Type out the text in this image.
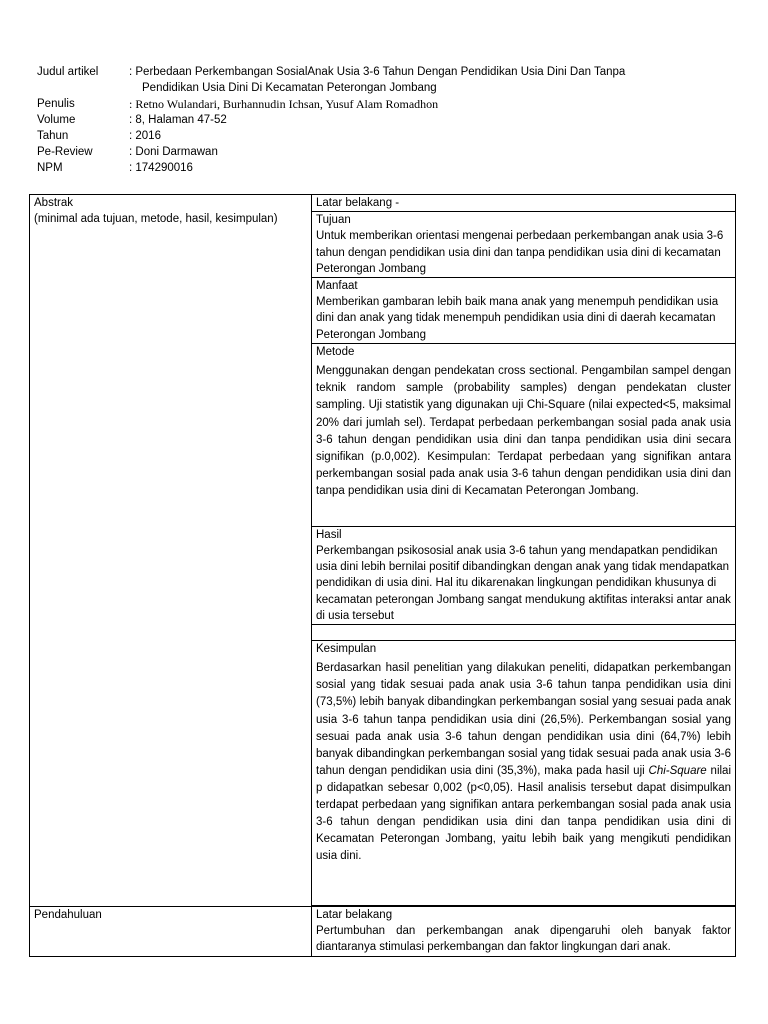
Judul artikel	: Perbedaan Perkembangan SosialAnak Usia 3-6 Tahun Dengan Pendidikan Usia Dini Dan Tanpa
Pendidikan Usia Dini Di Kecamatan Peterongan Jombang
Penulis	: Retno Wulandari, Burhannudin Ichsan, Yusuf Alam Romadhon
Volume	: 8, Halaman 47-52
Tahun	: 2016
Pe-Review	: Doni Darmawan
NPM	: 174290016
Abstrak
(minimal ada tujuan, metode, hasil, kesimpulan)	Latar belakang -

	Tujuan
Untuk memberikan orientasi mengenai perbedaan perkembangan anak usia 3-6 tahun dengan pendidikan usia dini dan tanpa pendidikan usia dini di kecamatan Peterongan Jombang

	Manfaat
Memberikan gambaran lebih baik mana anak yang menempuh pendidikan usia dini dan anak yang tidak menempuh pendidikan usia dini di daerah kecamatan Peterongan Jombang

	Metode
Menggunakan dengan pendekatan cross sectional. Pengambilan sampel dengan teknik random sample (probability samples) dengan pendekatan cluster sampling. Uji statistik yang digunakan uji Chi-Square (nilai expected<5, maksimal 20% dari jumlah sel). Terdapat perbedaan perkembangan sosial pada anak usia 3-6 tahun dengan pendidikan usia dini dan tanpa pendidikan usia dini secara signifikan (p.0,002). Kesimpulan: Terdapat perbedaan yang signifikan antara perkembangan sosial pada anak usia 3-6 tahun dengan pendidikan usia dini dan tanpa pendidikan usia dini di Kecamatan Peterongan Jombang.

	Hasil
Perkembangan psikososial anak usia 3-6 tahun yang mendapatkan pendidikan usia dini lebih bernilai positif dibandingkan dengan anak yang tidak mendapatkan pendidikan di usia dini. Hal itu dikarenakan lingkungan pendidikan khusunya di kecamatan peterongan Jombang sangat mendukung aktifitas interaksi antar anak di usia tersebut

	Kesimpulan

Berdasarkan hasil penelitian yang dilakukan peneliti, didapatkan perkembangan sosial yang tidak sesuai pada anak usia 3-6 tahun tanpa pendidikan usia dini (73,5%) lebih banyak dibandingkan perkembangan sosial yang sesuai pada anak usia 3-6 tahun tanpa pendidikan usia dini (26,5%). Perkembangan sosial yang sesuai pada anak usia 3-6 tahun dengan pendidikan usia dini (64,7%) lebih banyak dibandingkan perkembangan sosial yang tidak sesuai pada anak usia 3-6 tahun dengan pendidikan usia dini (35,3%), maka pada hasil uji Chi-Square nilai p didapatkan sebesar 0,002 (p<0,05). Hasil analisis tersebut dapat disimpulkan terdapat perbedaan yang signifikan antara perkembangan sosial pada anak usia 3-6 tahun dengan pendidikan usia dini dan tanpa pendidikan usia dini di Kecamatan Peterongan Jombang, yaitu lebih baik yang mengikuti pendidikan usia dini.

Pendahuluan	Latar belakang
Pertumbuhan dan perkembangan anak dipengaruhi oleh banyak faktor diantaranya stimulasi perkembangan dan faktor lingkungan dari anak.
